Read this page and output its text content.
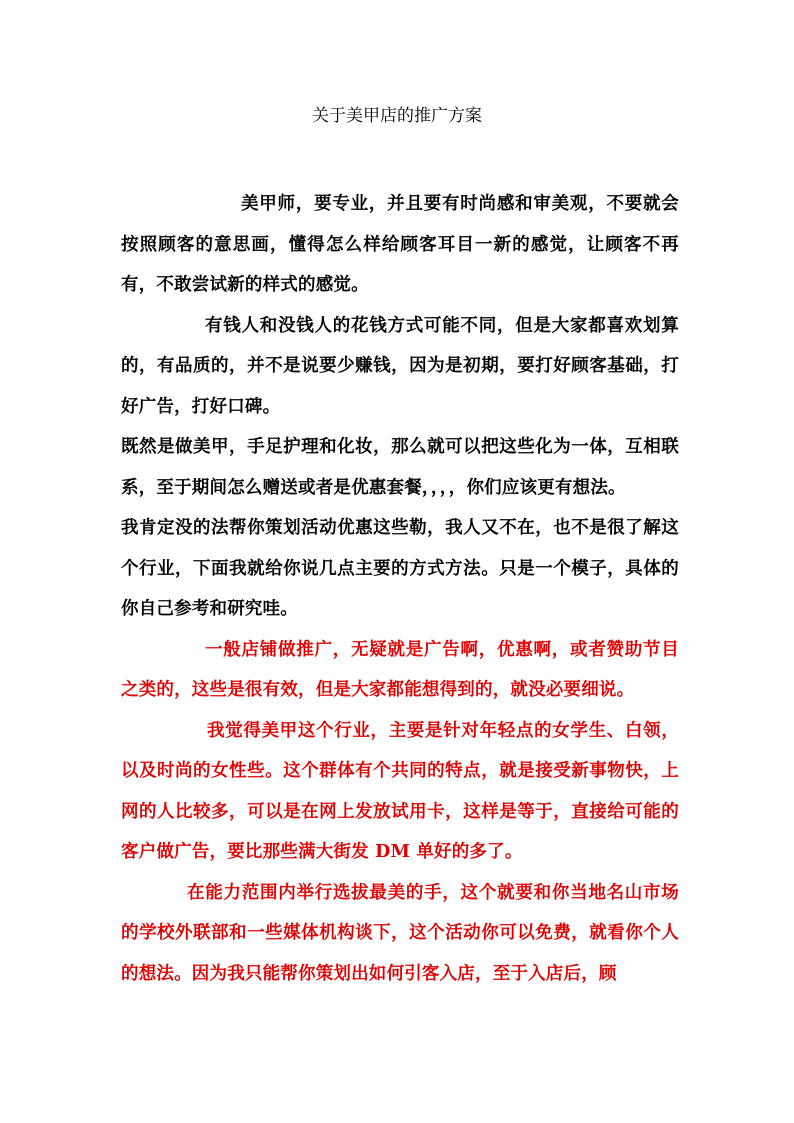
关于美甲店的推广方案

美甲师，要专业，并且要有时尚感和审美观，不要就会按照顾客的意思画，懂得怎么样给顾客耳目一新的感觉，让顾客不再有，不敢尝试新的样式的感觉。

有钱人和没钱人的花钱方式可能不同，但是大家都喜欢划算的，有品质的，并不是说要少赚钱，因为是初期，要打好顾客基础，打好广告，打好口碑。

既然是做美甲，手足护理和化妆，那么就可以把这些化为一体，互相联系，至于期间怎么赠送或者是优惠套餐，，，，你们应该更有想法。

我肯定没的法帮你策划活动优惠这些勒，我人又不在，也不是很了解这个行业，下面我就给你说几点主要的方式方法。只是一个模子，具体的你自己参考和研究哇。

一般店铺做推广，无疑就是广告啊，优惠啊，或者赞助节目之类的，这些是很有效，但是大家都能想得到的，就没必要细说。

我觉得美甲这个行业，主要是针对年轻点的女学生、白领，以及时尚的女性些。这个群体有个共同的特点，就是接受新事物快，上网的人比较多，可以是在网上发放试用卡，这样是等于，直接给可能的客户做广告，要比那些满大街发 DM 单好的多了。

在能力范围内举行选拔最美的手，这个就要和你当地名山市场的学校外联部和一些媒体机构谈下，这个活动你可以免费，就看你个人的想法。因为我只能帮你策划出如何引客入店，至于入店后，顾
